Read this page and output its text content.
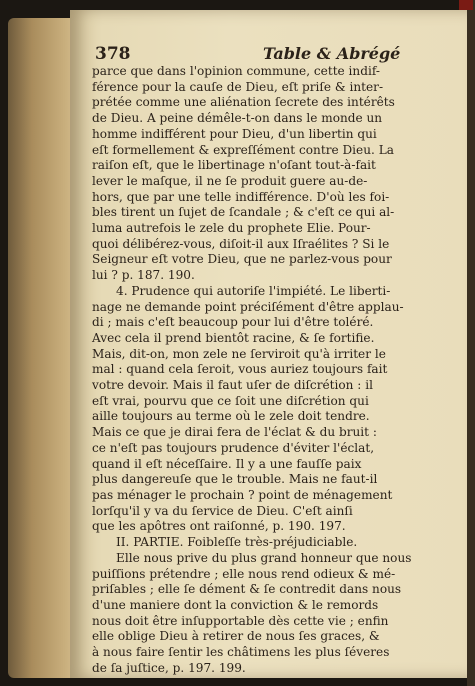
378	Table & Abrégé
parce que dans l'opinion commune, cette indif-
férence pour la cauſe de Dieu, eſt priſe & inter-
prétée comme une aliénation ſecrete des intérêts
de Dieu. A peine démêle-t-on dans le monde un
homme indifférent pour Dieu, d'un libertin qui
eſt formellement & expreſſément contre Dieu. La
raiſon eſt, que le libertinage n'oſant tout-à-fait
lever le maſque, il ne ſe produit guere au-de-
hors, que par une telle indifférence. D'où les foi-
bles tirent un ſujet de ſcandale ; & c'eſt ce qui al-
luma autrefois le zele du prophete Elie. Pour-
quoi délibérez-vous, diſoit-il aux Iſraélites ? Si le
Seigneur eſt votre Dieu, que ne parlez-vous pour
lui ? p. 187. 190.
4. Prudence qui autoriſe l'impiété. Le liberti-
nage ne demande point préciſément d'être applau-
di ; mais c'eſt beaucoup pour lui d'être toléré.
Avec cela il prend bientôt racine, & ſe fortifie.
Mais, dit-on, mon zele ne ſerviroit qu'à irriter le
mal : quand cela ſeroit, vous auriez toujours fait
votre devoir. Mais il faut uſer de diſcrétion : il
eſt vrai, pourvu que ce ſoit une diſcrétion qui
aille toujours au terme où le zele doit tendre.
Mais ce que je dirai fera de l'éclat & du bruit :
ce n'eſt pas toujours prudence d'éviter l'éclat,
quand il eſt néceſſaire. Il y a une fauſſe paix
plus dangereuſe que le trouble. Mais ne faut-il
pas ménager le prochain ? point de ménagement
lorſqu'il y va du ſervice de Dieu. C'eſt ainſi
que les apôtres ont raiſonné, p. 190. 197.
II. PARTIE. Foibleſſe très-préjudiciable.
Elle nous prive du plus grand honneur que nous
puiſſions prétendre ; elle nous rend odieux & mé-
priſables ; elle ſe dément & ſe contredit dans nous
d'une maniere dont la conviction & le remords
nous doit être inſupportable dès cette vie ; enfin
elle oblige Dieu à retirer de nous ſes graces, &
à nous faire ſentir les châtimens les plus ſéveres
de ſa juſtice, p. 197. 199.
